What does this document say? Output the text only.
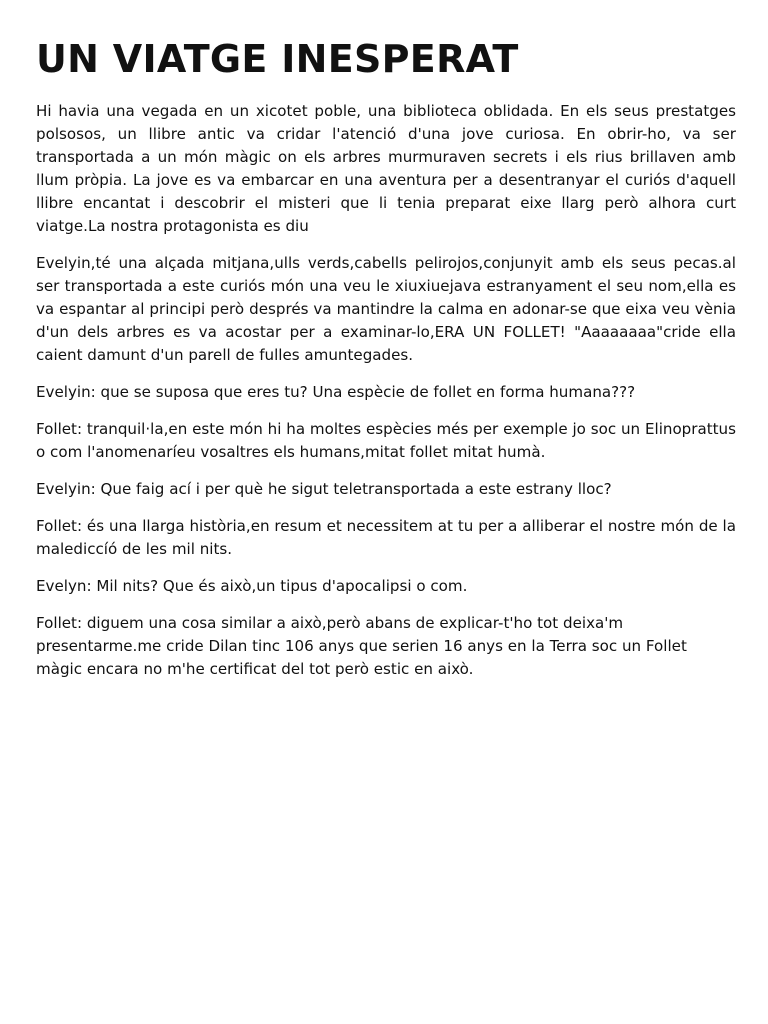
UN VIATGE INESPERAT

Hi havia una vegada en un xicotet poble, una biblioteca oblidada. En els seus prestatges polsosos, un llibre antic va cridar l'atenció d'una jove curiosa. En obrir-ho, va ser transportada a un món màgic on els arbres murmuraven secrets i els rius brillaven amb llum pròpia. La jove es va embarcar en una aventura per a desentranyar el curiós d'aquell llibre encantat i descobrir el misteri que li tenia preparat eixe llarg però alhora curt viatge.La nostra protagonista es diu

Evelyin,té una alçada mitjana,ulls verds,cabells pelirojos,conjunyit amb els seus pecas.al ser transportada a este curiós món una veu le xiuxiuejava estranyament el seu nom,ella es va espantar al principi però després va mantindre la calma en adonar-se que eixa veu vènia d'un dels arbres es va acostar per a examinar-lo,ERA UN FOLLET! "Aaaaaaaa"cride ella caient damunt d'un parell de fulles amuntegades.

Evelyin: que se suposa que eres tu? Una espècie de follet en forma humana???

Follet: tranquil·la,en este món hi ha moltes espècies més per exemple jo soc un Elinoprattus o com l'anomenaríeu vosaltres els humans,mitat follet mitat humà.

Evelyin: Que faig ací i per què he sigut teletransportada a este estrany lloc?

Follet: és una llarga història,en resum et necessitem at tu per a alliberar el nostre món de la malediccíó de les mil nits.

Evelyn: Mil nits? Que és això,un tipus d'apocalipsi o com.

Follet: diguem una cosa similar a això,però abans de explicar-t'ho tot deixa'm presentarme.me cride Dilan tinc 106 anys que serien 16 anys en la Terra soc un Follet màgic encara no m'he certificat del tot però estic en això.
